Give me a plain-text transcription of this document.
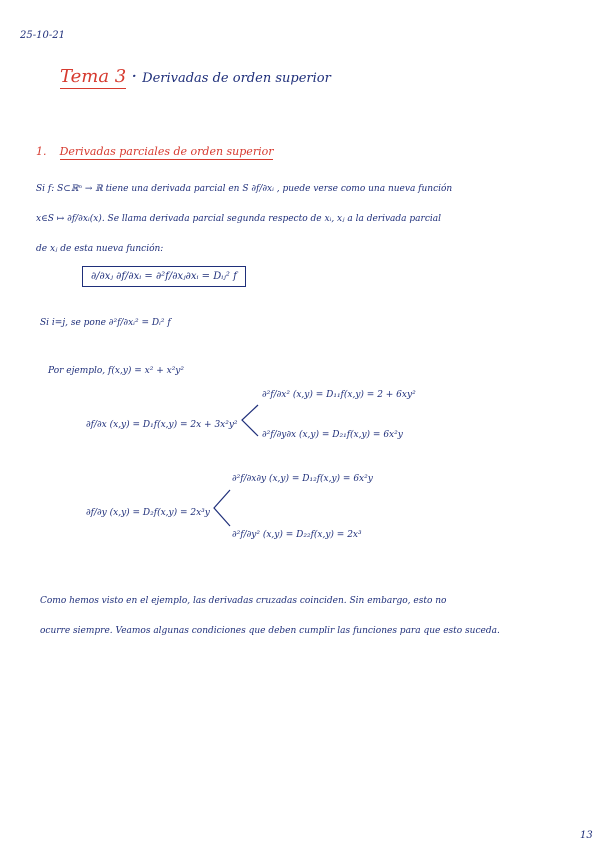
25-10-21
Tema 3 · Derivadas de orden superior
1. Derivadas parciales de orden superior
Si f: S⊂ℝⁿ → ℝ tiene una derivada parcial en S ∂f/∂xᵢ , puede verse como una nueva función
x∈S ↦ ∂f/∂xᵢ(x). Se llama derivada parcial segunda respecto de xᵢ, xⱼ a la derivada parcial
de xⱼ de esta nueva función:
∂/∂xⱼ ∂f/∂xᵢ = ∂²f/∂xⱼ∂xᵢ = Dᵢⱼ² f
Si i=j, se pone ∂²f/∂xᵢ² = Dᵢ² f
Por ejemplo, f(x,y) = x² + x²y²
∂²f/∂x² (x,y) = D₁₁f(x,y) = 2 + 6xy²
∂f/∂x (x,y) = D₁f(x,y) = 2x + 3x²y²
∂²f/∂y∂x (x,y) = D₂₁f(x,y) = 6x²y
∂²f/∂x∂y (x,y) = D₁₂f(x,y) = 6x²y
∂f/∂y (x,y) = D₂f(x,y) = 2x³y
∂²f/∂y² (x,y) = D₂₂f(x,y) = 2x³
Como hemos visto en el ejemplo, las derivadas cruzadas coinciden. Sin embargo, esto no
ocurre siempre. Veamos algunas condiciones que deben cumplir las funciones para que esto suceda.
13
